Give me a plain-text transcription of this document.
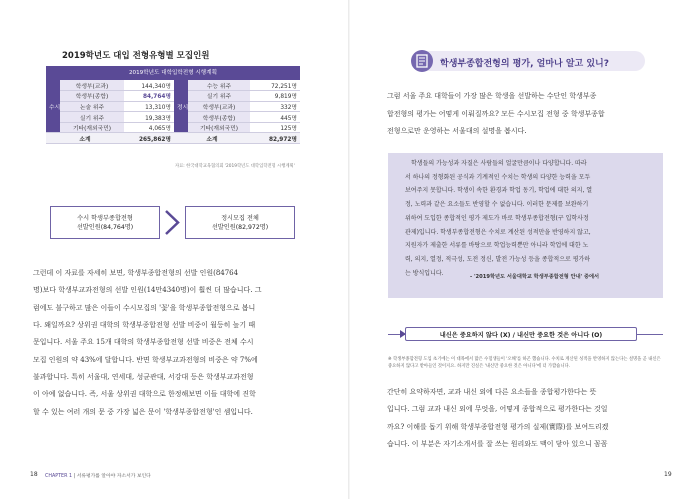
2019학년도 대입 전형유형별 모집인원
2019학년도 대학입학전형 시행계획
수시	학생부(교과)	144,340명	정시	수능 위주	72,251명
	학생부(종합)	84,764명		실기 위주	9,819명
	논술 위주	13,310명		학생부(교과)	332명
	실기 위주	19,383명		학생부(종합)	445명
	기타(재외국민)	4,065명		기타(재외국민)	125명
소계		265,862명	소계		82,972명
자료: 한국대학교육협의회 '2019학년도 대학입학전형 시행계획'
수시 학생부종합전형
선발인원(84,764명)
정시모집 전체
선발인원(82,972명)
그런데 이 자료를 자세히 보면, 학생부종합전형의 선발 인원(84764
명)보다 학생부교과전형의 선발 인원(14만4340명)이 훨씬 더 많습니다. 그
럼에도 불구하고 많은 이들이 수시모집의 '꽃'을 학생부종합전형으로 봅니
다. 왜일까요? 상위권 대학의 학생부종합전형 선발 비중이 월등히 높기 때
문입니다. 서울 주요 15개 대학의 학생부종합전형 선발 비중은 전체 수시
모집 인원의 약 43%에 달합니다. 반면 학생부교과전형의 비중은 약 7%에
불과합니다. 특히 서울대, 연세대, 성균관대, 서강대 등은 학생부교과전형
이 아예 없습니다. 즉, 서울 상위권 대학으로 한정해보면 이들 대학에 진학
할 수 있는 여러 개의 문 중 가장 넓은 문이 '학생부종합전형'인 셈입니다.
18 CHAPTER 1 | 서류평가를 알아야 자소서가 보인다
학생부종합전형의 평가, 얼마나 알고 있니?
그럼 서울 주요 대학들이 가장 많은 학생을 선발하는 수단인 학생부종
합전형의 평가는 어떻게 이뤄질까요? 모든 수시모집 전형 중 학생부종합
전형으로만 운영하는 서울대의 설명을 봅시다.
학생들의 가능성과 자질은 사람들의 얼굴만큼이나 다양합니다. 따라
서 하나의 정형화된 공식과 기계적인 수치는 학생의 다양한 능력을 모두
보여주지 못합니다. 학생이 속한 환경과 학업 동기, 학업에 대한 의지, 열
정, 노력과 같은 요소들도 반영할 수 없습니다. 이러한 문제를 보완하기
위하여 도입한 종합적인 평가 제도가 바로 학생부종합전형(구 입학사정
관제)입니다. 학생부종합전형은 수치로 계산된 성적만을 반영하지 않고,
지원자가 제출한 서류를 바탕으로 학업능력뿐만 아니라 학업에 대한 노
력, 의지, 열정, 적극성, 도전 정신, 발전 가능성 등을 종합적으로 평가하
는 방식입니다.
- '2019학년도 서울대학교 학생부종합전형 안내' 중에서
내신은 중요하지 않다 (X) / 내신만 중요한 것은 아니다 (O)
※ 학생부종합전형 도입 초기에는 이 대목에서 많은 수험생들이 '오해'를 하곤 했습니다. 수치로 계산된 성적을 반영하지 않는다는 설명을 곧 내신은 중요하지 않다고 받아들인 것이지요. 하지만 진실은 '내신만 중요한 것은 아니다'에 더 가깝습니다.
간단히 요약하자면, 교과 내신 외에 다른 요소들을 종합평가한다는 뜻
입니다. 그럼 교과 내신 외에 무엇을, 어떻게 종합적으로 평가한다는 것일
까요? 이해를 돕기 위해 학생부종합전형 평가의 실제(實際)를 보여드리겠
습니다. 이 부분은 자기소개서를 잘 쓰는 원리와도 맥이 닿아 있으니 꼼꼼
19
